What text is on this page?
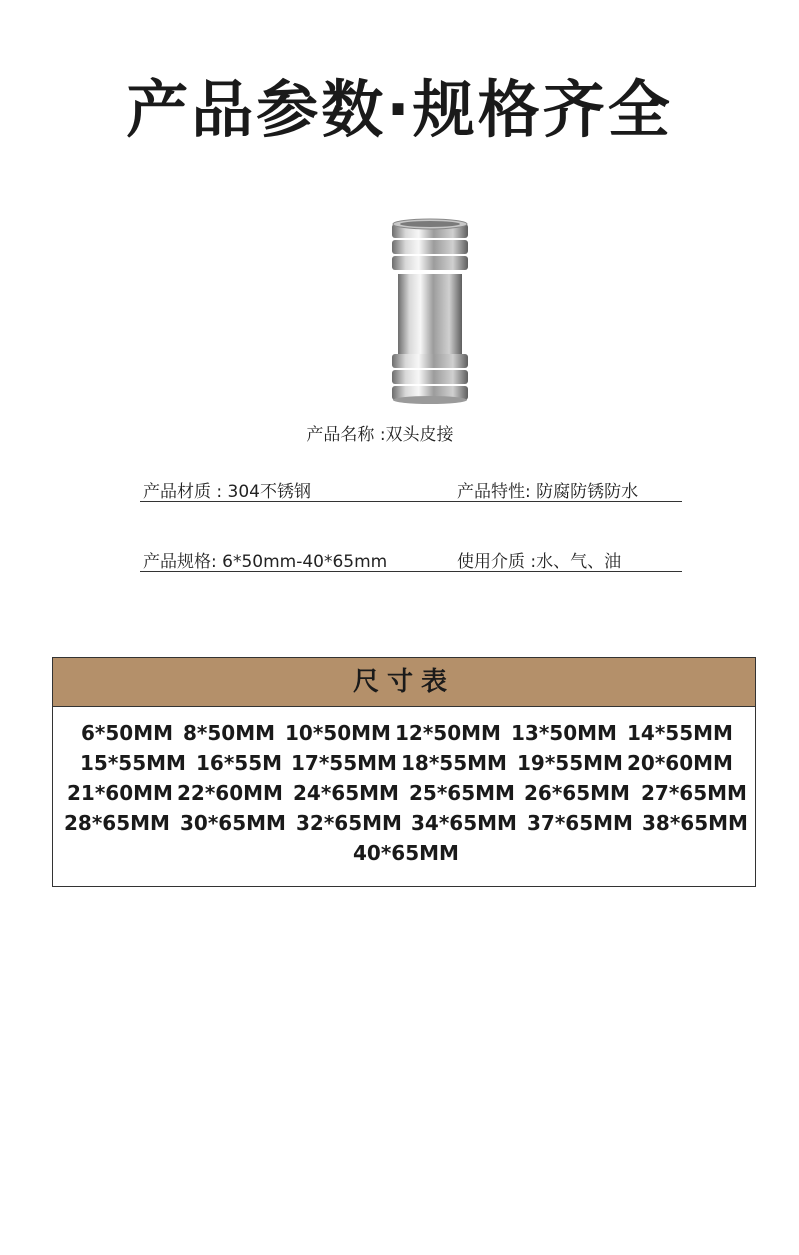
产品参数·规格齐全
产品名称 :双头皮接
产品材质 : 304不锈钢	产品特性: 防腐防锈防水
产品规格: 6*50mm-40*65mm	使用介质 :水、气、油
尺寸表
6*50MM 8*50MM 10*50MM 12*50MM 13*50MM 14*55MM
15*55MM 16*55M 17*55MM 18*55MM 19*55MM 20*60MM
21*60MM 22*60MM 24*65MM 25*65MM 26*65MM 27*65MM
28*65MM 30*65MM 32*65MM 34*65MM 37*65MM 38*65MM
40*65MM
